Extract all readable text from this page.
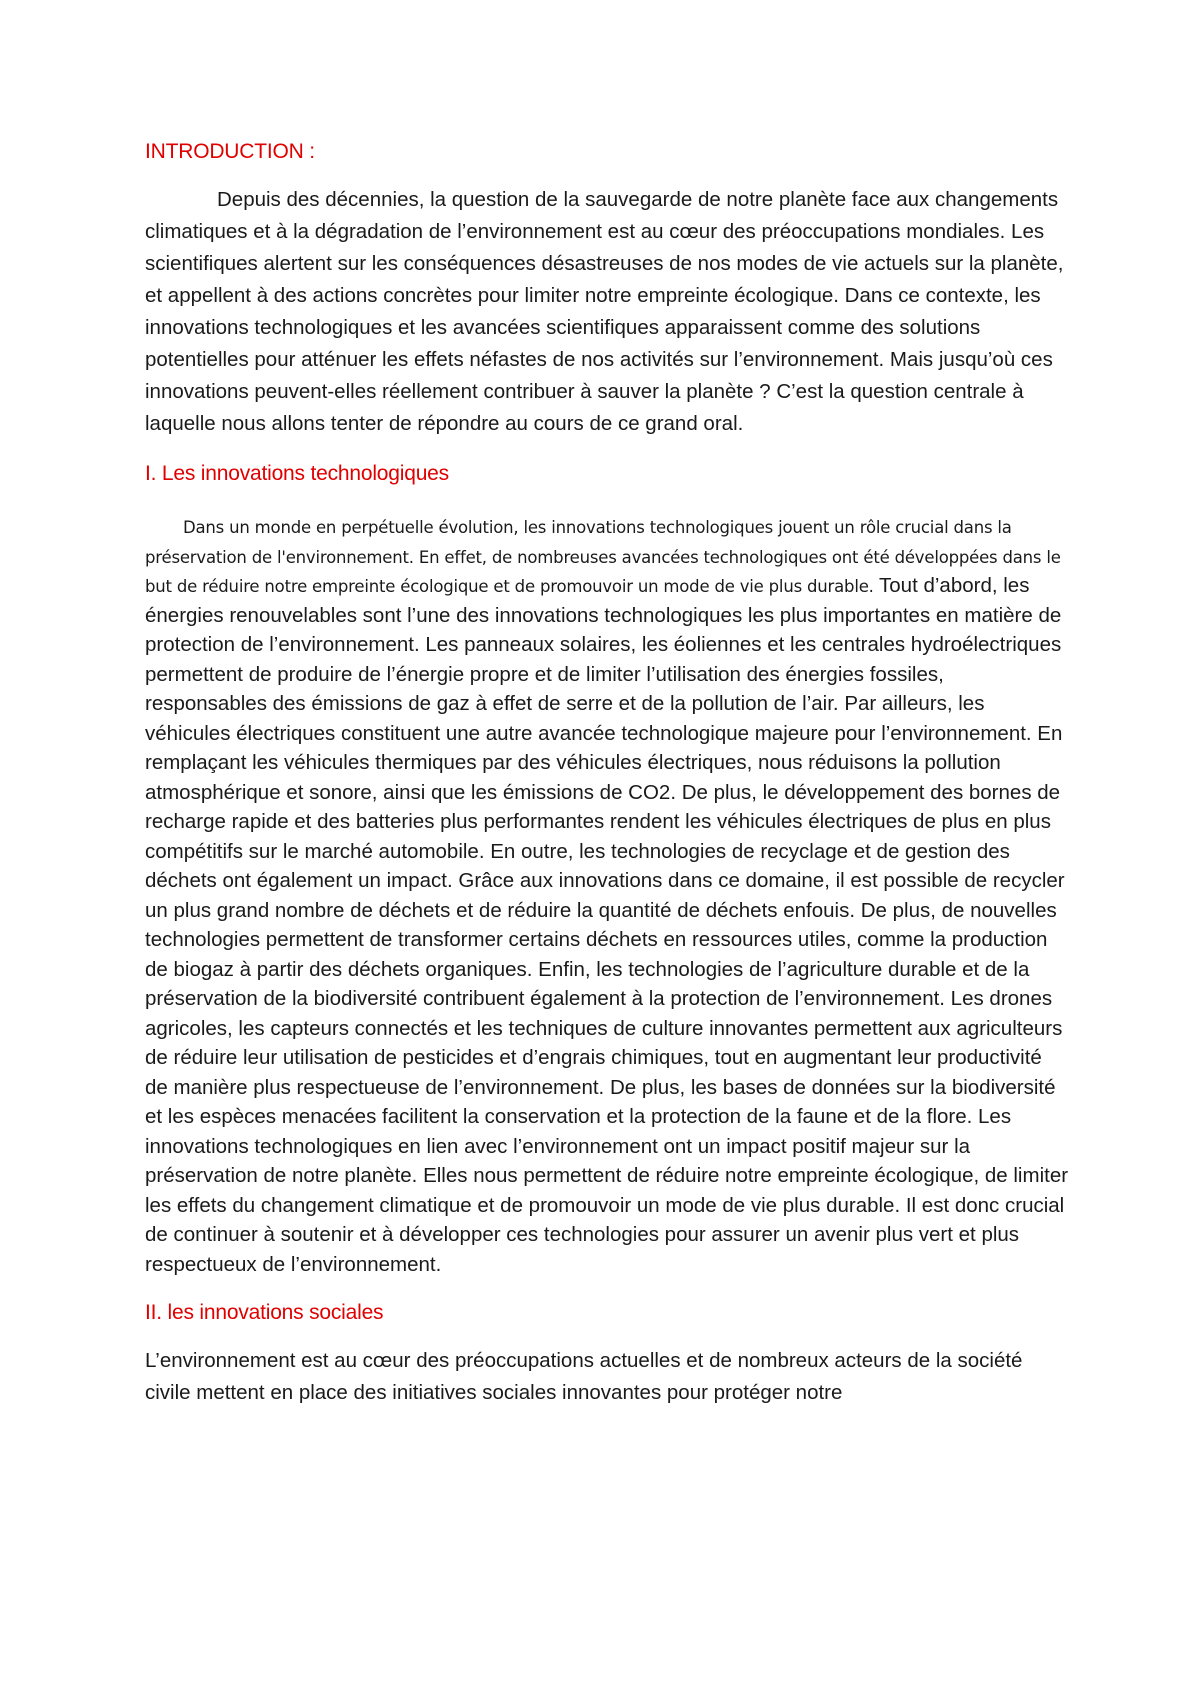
INTRODUCTION :

Depuis des décennies, la question de la sauvegarde de notre planète face aux changements climatiques et à la dégradation de l’environnement est au cœur des préoccupations mondiales. Les scientifiques alertent sur les conséquences désastreuses de nos modes de vie actuels sur la planète, et appellent à des actions concrètes pour limiter notre empreinte écologique. Dans ce contexte, les innovations technologiques et les avancées scientifiques apparaissent comme des solutions potentielles pour atténuer les effets néfastes de nos activités sur l’environnement. Mais jusqu’où ces innovations peuvent-elles réellement contribuer à sauver la planète ? C’est la question centrale à laquelle nous allons tenter de répondre au cours de ce grand oral.

I. Les innovations technologiques

Dans un monde en perpétuelle évolution, les innovations technologiques jouent un rôle crucial dans la préservation de l'environnement. En effet, de nombreuses avancées technologiques ont été développées dans le but de réduire notre empreinte écologique et de promouvoir un mode de vie plus durable. Tout d’abord, les énergies renouvelables sont l’une des innovations technologiques les plus importantes en matière de protection de l’environnement. Les panneaux solaires, les éoliennes et les centrales hydroélectriques permettent de produire de l’énergie propre et de limiter l’utilisation des énergies fossiles, responsables des émissions de gaz à effet de serre et de la pollution de l’air. Par ailleurs, les véhicules électriques constituent une autre avancée technologique majeure pour l’environnement. En remplaçant les véhicules thermiques par des véhicules électriques, nous réduisons la pollution atmosphérique et sonore, ainsi que les émissions de CO2. De plus, le développement des bornes de recharge rapide et des batteries plus performantes rendent les véhicules électriques de plus en plus compétitifs sur le marché automobile. En outre, les technologies de recyclage et de gestion des déchets ont également un impact. Grâce aux innovations dans ce domaine, il est possible de recycler un plus grand nombre de déchets et de réduire la quantité de déchets enfouis. De plus, de nouvelles technologies permettent de transformer certains déchets en ressources utiles, comme la production de biogaz à partir des déchets organiques. Enfin, les technologies de l’agriculture durable et de la préservation de la biodiversité contribuent également à la protection de l’environnement. Les drones agricoles, les capteurs connectés et les techniques de culture innovantes permettent aux agriculteurs de réduire leur utilisation de pesticides et d’engrais chimiques, tout en augmentant leur productivité de manière plus respectueuse de l’environnement. De plus, les bases de données sur la biodiversité et les espèces menacées facilitent la conservation et la protection de la faune et de la flore. Les innovations technologiques en lien avec l’environnement ont un impact positif majeur sur la préservation de notre planète. Elles nous permettent de réduire notre empreinte écologique, de limiter les effets du changement climatique et de promouvoir un mode de vie plus durable. Il est donc crucial de continuer à soutenir et à développer ces technologies pour assurer un avenir plus vert et plus respectueux de l’environnement.

II. les innovations sociales

L’environnement est au cœur des préoccupations actuelles et de nombreux acteurs de la société civile mettent en place des initiatives sociales innovantes pour protéger notre
